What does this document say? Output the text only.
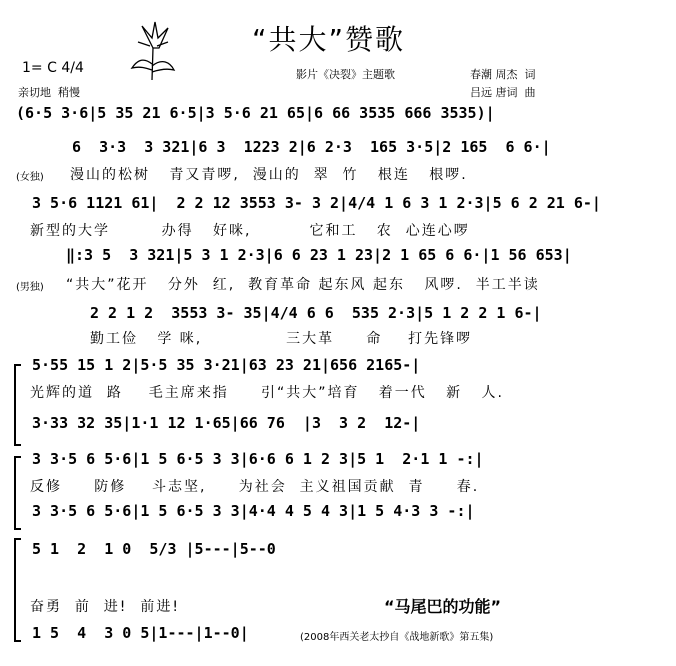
“共大”赞歌
1= C 4/4
亲切地  稍慢
影片《决裂》主题歌	春潮 周杰  词
吕远 唐词  曲
(6·5 3·6|5 35 21 6·5|3 5·6 21 65|6 66 3535 666 3535)|
6  3·3  3 321|6 3  1223 2|6 2·3  165 3·5|2 165  6 6·|
(女独) 漫山的松树   青又青啰,  漫山的  翠  竹   根连   根啰.
3 5·6 1121 61|  2 2 12 3553 3- 3 2|4/4 1 6 3 1 2·3|5 6 2 21 6-|
新型的大学        办得   好咪,         它和工   农  心连心啰
‖:3 5  3 321|5 3 1 2·3|6 6 23 1 23|2 1 65 6 6·|1 56 653|
(男独) “共大”花开   分外  红,  教育革命 起东风 起东   风啰.  半工半读
2 2 1 2  3553 3- 35|4/4 6 6  535 2·3|5 1 2 2 1 6-|
勤工俭   学 咪,             三大革     命    打先锋啰
5·55 15 1 2|5·5 35 3·21|63 23 21|656 2165-|
光辉的道  路    毛主席来指     引“共大”培育   着一代   新   人.
3·33 32 35|1·1 12 1·65|66 76  |3  3 2  12-|
3 3·5 6 5·6|1 5 6·5 3 3|6·6 6 1 2 3|5 1  2·1 1 -:|
反修     防修    斗志坚,     为社会  主义祖国贡献  青     春.
3 3·5 6 5·6|1 5 6·5 3 3|4·4 4 5 4 3|1 5 4·3 3 -:|
5 1  2  1 0  5/3 |5---|5--0
奋勇  前  进!  前进!
1 5  4  3 0 5|1---|1--0|
“马尾巴的功能”
(2008年西关老太抄自《战地新歌》第五集)
